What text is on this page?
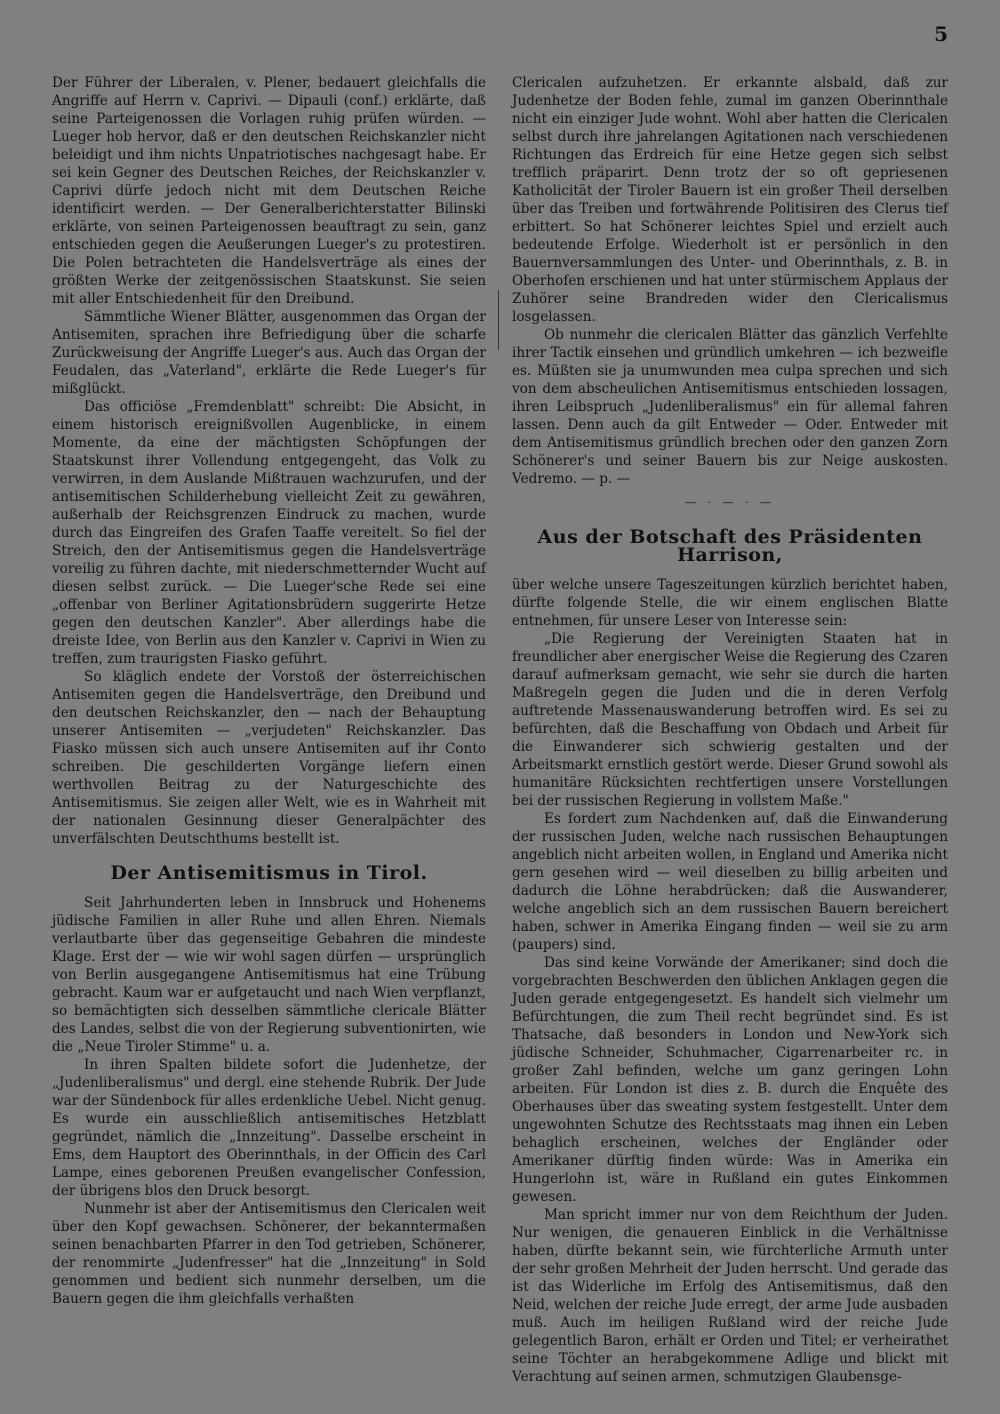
5

Der Führer der Liberalen, v. Plener, bedauert gleichfalls die Angriffe auf Herrn v. Caprivi. — Dipauli (conf.) erklärte, daß seine Parteigenossen die Vorlagen ruhig prüfen würden. — Lueger hob hervor, daß er den deutschen Reichskanzler nicht beleidigt und ihm nichts Unpatriotisches nachgesagt habe. Er sei kein Gegner des Deutschen Reiches, der Reichskanzler v. Caprivi dürfe jedoch nicht mit dem Deutschen Reiche identificirt werden. — Der Generalberichterstatter Bilinski erklärte, von seinen Parteigenossen beauftragt zu sein, ganz entschieden gegen die Aeußerungen Lueger's zu protestiren. Die Polen betrachteten die Handelsverträge als eines der größten Werke der zeitgenössischen Staatskunst. Sie seien mit aller Entschiedenheit für den Dreibund.

Sämmtliche Wiener Blätter, ausgenommen das Organ der Antisemiten, sprachen ihre Befriedigung über die scharfe Zurückweisung der Angriffe Lueger's aus. Auch das Organ der Feudalen, das „Vaterland", erklärte die Rede Lueger's für mißglückt.

Das officiöse „Fremdenblatt" schreibt: Die Absicht, in einem historisch ereignißvollen Augenblicke, in einem Momente, da eine der mächtigsten Schöpfungen der Staatskunst ihrer Vollendung entgegengeht, das Volk zu verwirren, in dem Auslande Mißtrauen wachzurufen, und der antisemitischen Schilderhebung vielleicht Zeit zu gewähren, außerhalb der Reichsgrenzen Eindruck zu machen, wurde durch das Eingreifen des Grafen Taaffe vereitelt. So fiel der Streich, den der Antisemitismus gegen die Handelsverträge voreilig zu führen dachte, mit niederschmetternder Wucht auf diesen selbst zurück. — Die Lueger'sche Rede sei eine „offenbar von Berliner Agitationsbrüdern suggerirte Hetze gegen den deutschen Kanzler". Aber allerdings habe die dreiste Idee, von Berlin aus den Kanzler v. Caprivi in Wien zu treffen, zum traurigsten Fiasko geführt.

So kläglich endete der Vorstoß der österreichischen Antisemiten gegen die Handelsverträge, den Dreibund und den deutschen Reichskanzler, den — nach der Behauptung unserer Antisemiten — „verjudeten" Reichskanzler. Das Fiasko müssen sich auch unsere Antisemiten auf ihr Conto schreiben. Die geschilderten Vorgänge liefern einen werthvollen Beitrag zu der Naturgeschichte des Antisemitismus. Sie zeigen aller Welt, wie es in Wahrheit mit der nationalen Gesinnung dieser Generalpächter des unverfälschten Deutschthums bestellt ist.

Der Antisemitismus in Tirol.

Seit Jahrhunderten leben in Innsbruck und Hohenems jüdische Familien in aller Ruhe und allen Ehren. Niemals verlautbarte über das gegenseitige Gebahren die mindeste Klage. Erst der — wie wir wohl sagen dürfen — ursprünglich von Berlin ausgegangene Antisemitismus hat eine Trübung gebracht. Kaum war er aufgetaucht und nach Wien verpflanzt, so bemächtigten sich desselben sämmtliche clericale Blätter des Landes, selbst die von der Regierung subventionirten, wie die „Neue Tiroler Stimme" u. a.

In ihren Spalten bildete sofort die Judenhetze, der „Judenliberalismus" und dergl. eine stehende Rubrik. Der Jude war der Sündenbock für alles erdenkliche Uebel. Nicht genug. Es wurde ein ausschließlich antisemitisches Hetzblatt gegründet, nämlich die „Innzeitung". Dasselbe erscheint in Ems, dem Hauptort des Oberinnthals, in der Officin des Carl Lampe, eines geborenen Preußen evangelischer Confession, der übrigens blos den Druck besorgt.

Nunmehr ist aber der Antisemitismus den Clericalen weit über den Kopf gewachsen. Schönerer, der bekanntermaßen seinen benachbarten Pfarrer in den Tod getrieben, Schönerer, der renommirte „Judenfresser" hat die „Innzeitung" in Sold genommen und bedient sich nunmehr derselben, um die Bauern gegen die ihm gleichfalls verhaßten

Clericalen aufzuhetzen. Er erkannte alsbald, daß zur Judenhetze der Boden fehle, zumal im ganzen Oberinnthale nicht ein einziger Jude wohnt. Wohl aber hatten die Clericalen selbst durch ihre jahrelangen Agitationen nach verschiedenen Richtungen das Erdreich für eine Hetze gegen sich selbst trefflich präparirt. Denn trotz der so oft gepriesenen Katholicität der Tiroler Bauern ist ein großer Theil derselben über das Treiben und fortwährende Politisiren des Clerus tief erbittert. So hat Schönerer leichtes Spiel und erzielt auch bedeutende Erfolge. Wiederholt ist er persönlich in den Bauernversammlungen des Unter- und Oberinnthals, z. B. in Oberhofen erschienen und hat unter stürmischem Applaus der Zuhörer seine Brandreden wider den Clericalismus losgelassen.

Ob nunmehr die clericalen Blätter das gänzlich Verfehlte ihrer Tactik einsehen und gründlich umkehren — ich bezweifle es. Müßten sie ja unumwunden mea culpa sprechen und sich von dem abscheulichen Antisemitismus entschieden lossagen, ihren Leibspruch „Judenliberalismus" ein für allemal fahren lassen. Denn auch da gilt Entweder — Oder. Entweder mit dem Antisemitismus gründlich brechen oder den ganzen Zorn Schönerer's und seiner Bauern bis zur Neige auskosten. Vedremo. — p. —

— · — · —
Aus der Botschaft des Präsidenten Harrison,

über welche unsere Tageszeitungen kürzlich berichtet haben, dürfte folgende Stelle, die wir einem englischen Blatte entnehmen, für unsere Leser von Interesse sein:

„Die Regierung der Vereinigten Staaten hat in freundlicher aber energischer Weise die Regierung des Czaren darauf aufmerksam gemacht, wie sehr sie durch die harten Maßregeln gegen die Juden und die in deren Verfolg auftretende Massenauswanderung betroffen wird. Es sei zu befürchten, daß die Beschaffung von Obdach und Arbeit für die Einwanderer sich schwierig gestalten und der Arbeitsmarkt ernstlich gestört werde. Dieser Grund sowohl als humanitäre Rücksichten rechtfertigen unsere Vorstellungen bei der russischen Regierung in vollstem Maße."

Es fordert zum Nachdenken auf, daß die Einwanderung der russischen Juden, welche nach russischen Behauptungen angeblich nicht arbeiten wollen, in England und Amerika nicht gern gesehen wird — weil dieselben zu billig arbeiten und dadurch die Löhne herabdrücken; daß die Auswanderer, welche angeblich sich an dem russischen Bauern bereichert haben, schwer in Amerika Eingang finden — weil sie zu arm (paupers) sind.

Das sind keine Vorwände der Amerikaner; sind doch die vorgebrachten Beschwerden den üblichen Anklagen gegen die Juden gerade entgegengesetzt. Es handelt sich vielmehr um Befürchtungen, die zum Theil recht begründet sind. Es ist Thatsache, daß besonders in London und New-York sich jüdische Schneider, Schuhmacher, Cigarrenarbeiter rc. in großer Zahl befinden, welche um ganz geringen Lohn arbeiten. Für London ist dies z. B. durch die Enquête des Oberhauses über das sweating system festgestellt. Unter dem ungewohnten Schutze des Rechtsstaats mag ihnen ein Leben behaglich erscheinen, welches der Engländer oder Amerikaner dürftig finden würde: Was in Amerika ein Hungerlohn ist, wäre in Rußland ein gutes Einkommen gewesen.

Man spricht immer nur von dem Reichthum der Juden. Nur wenigen, die genaueren Einblick in die Verhältnisse haben, dürfte bekannt sein, wie fürchterliche Armuth unter der sehr großen Mehrheit der Juden herrscht. Und gerade das ist das Widerliche im Erfolg des Antisemitismus, daß den Neid, welchen der reiche Jude erregt, der arme Jude ausbaden muß. Auch im heiligen Rußland wird der reiche Jude gelegentlich Baron, erhält er Orden und Titel; er verheirathet seine Töchter an herabgekommene Adlige und blickt mit Verachtung auf seinen armen, schmutzigen Glaubensge-
